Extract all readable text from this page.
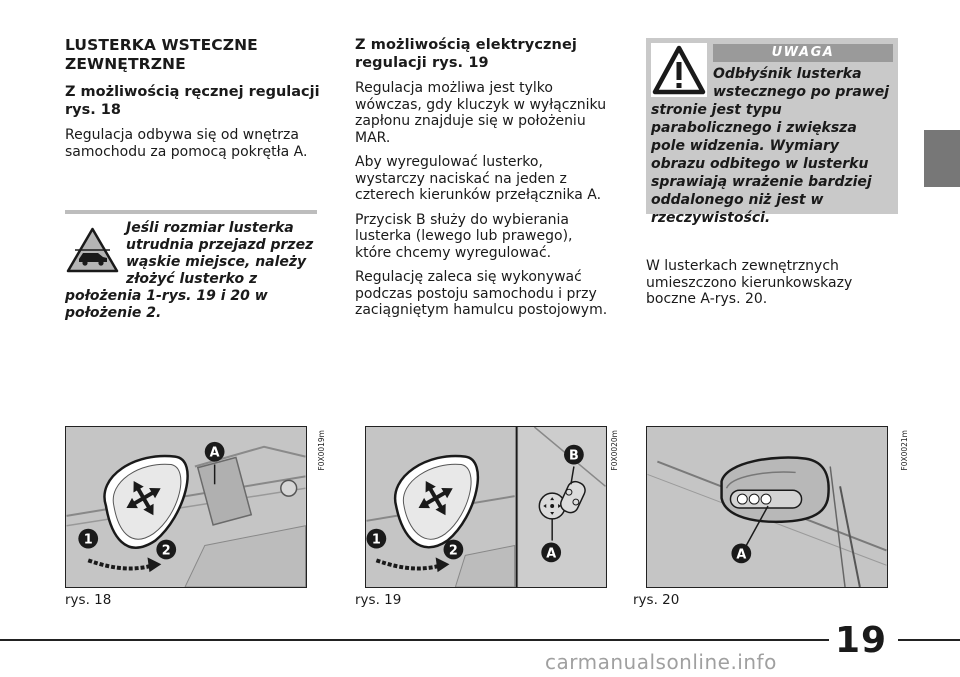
LUSTERKA WSTECZNE ZEWNĘTRZNE
Z możliwością ręcznej regulacji rys. 18
Regulacja odbywa się od wnętrza samochodu za pomocą pokrętła A.
Jeśli rozmiar lusterka utrudnia przejazd przez wąskie miejsce, należy złożyć lusterko z położenia 1-rys. 19 i 20 w położenie 2.
Z możliwością elektrycznej regulacji rys. 19
Regulacja możliwa jest tylko wówczas, gdy kluczyk w wyłączniku zapłonu znajduje się w położeniu MAR.
Aby wyregulować lusterko, wystarczy naciskać na jeden z czterech kierunków przełącznika A.
Przycisk B służy do wybierania lusterka (lewego lub prawego), które chcemy wyregulować.
Regulację zaleca się wykonywać podczas postoju samochodu i przy zaciągniętym hamulcu postojowym.
UWAGA
Odbłyśnik lusterka wstecznego po prawej stronie jest typu parabolicznego i zwiększa pole widzenia. Wymiary obrazu odbitego w lusterku sprawiają wrażenie bardziej oddalonego niż jest w rzeczywistości.
W lusterkach zewnętrznych umieszczono kierunkowskazy boczne A-rys. 20.
A
1
2
F0X0019m
rys. 18
B
A
1
2
F0X0020m
rys. 19
A
F0X0021m
rys. 20
19
carmanualsonline.info
